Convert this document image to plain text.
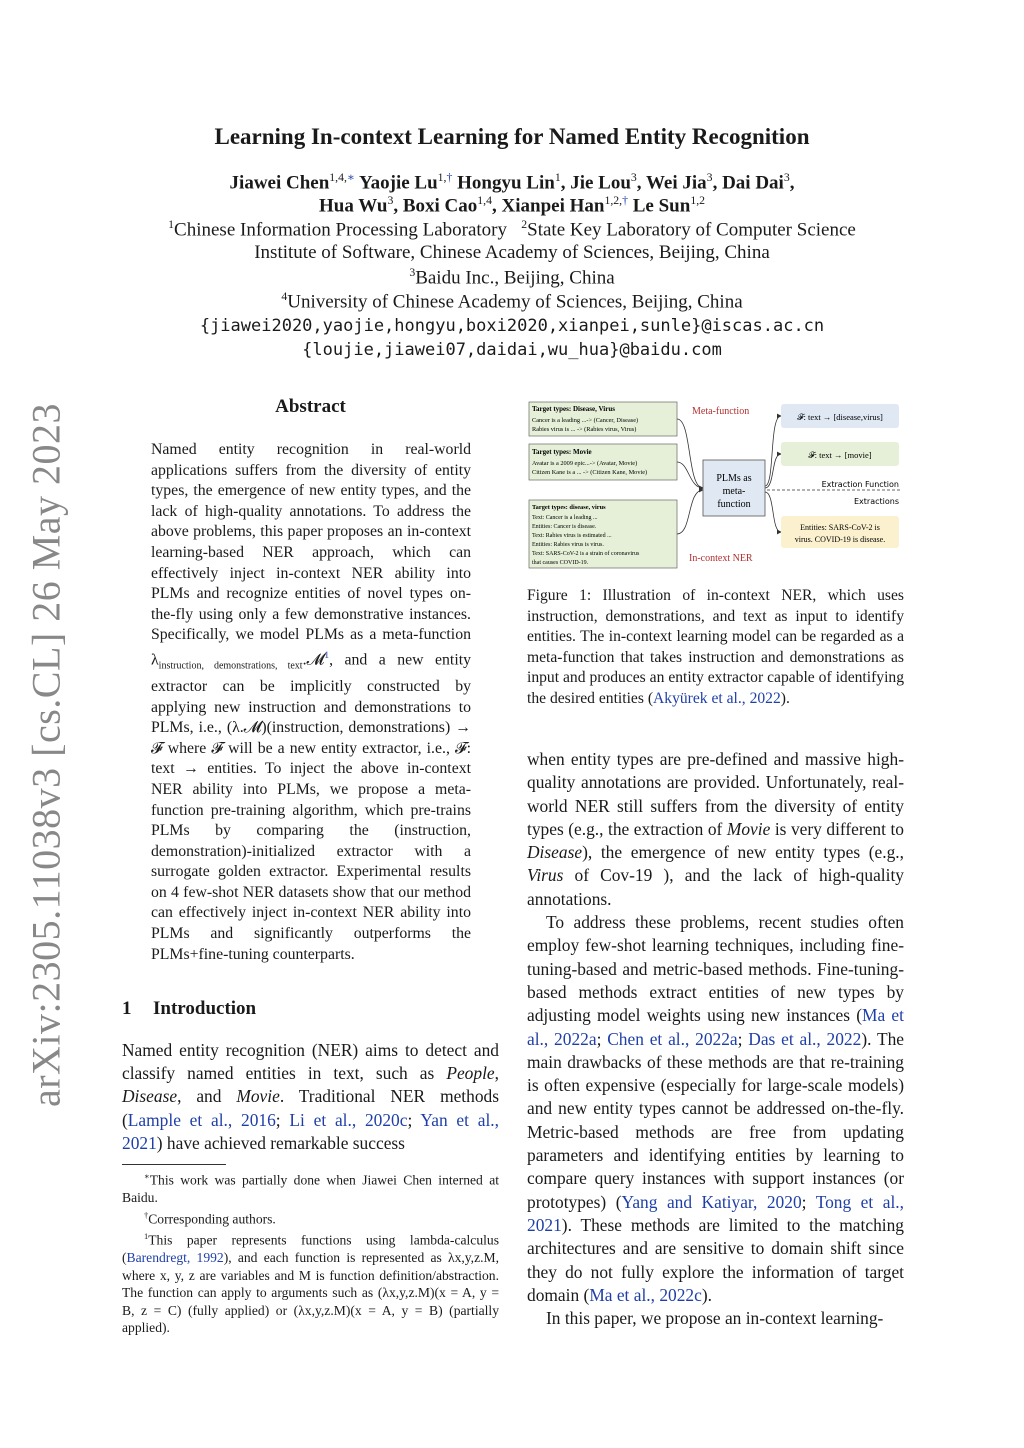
arXiv:2305.11038v3 [cs.CL] 26 May 2023
Learning In-context Learning for Named Entity Recognition
Jiawei Chen$^{1,4,∗}$ Yaojie $Lu^{1,\dagger}$ Hongyu Lin$^1$, Jie Lou$^3$, Wei Jia$^3$, Dai Dai$^3$,
Hua Wu$^3$, Boxi Cao$^{1,4}$, Xianpei Han$^{1,2,\dagger}$ Le Sun$^{1,2}$
$^1$Chinese Information Processing Laboratory $^2$State Key Laboratory of Computer Science
Institute of Software, Chinese Academy of Sciences, Beijing, China
$^3$Baidu Inc., Beijing, China
$^4$University of Chinese Academy of Sciences, Beijing, China
{jiawei2020,yaojie,hongyu,boxi2020,xianpei,sunle}@iscas.ac.cn
{loujie,jiawei07,daidai,wu_hua}@baidu.com
Abstract
Named entity recognition in real-world applications suffers from the diversity of entity types, the emergence of new entity types, and the lack of high-quality annotations. To address the above problems, this paper proposes an in-context learning-based NER approach, which can effectively inject in-context NER ability into PLMs and recognize entities of novel types on-the-fly using only a few demonstrative instances. Specifically, we model PLMs as a meta-function $\lambda_{instruction, demonstrations, text}.𝓜^1$, and a new entity extractor can be implicitly constructed by applying new instruction and demonstrations to PLMs, i.e., (λ.𝓜)(instruction, demonstrations) → 𝓕 where 𝓕 will be a new entity extractor, i.e., 𝓕: text → entities. To inject the above in-context NER ability into PLMs, we propose a meta-function pre-training algorithm, which pre-trains PLMs by comparing the (instruction, demonstration)-initialized extractor with a surrogate golden extractor. Experimental results on 4 few-shot NER datasets show that our method can effectively inject in-context NER ability into PLMs and significantly outperforms the PLMs+fine-tuning counterparts.
1 Introduction
Named entity recognition (NER) aims to detect and classify named entities in text, such as People, Disease, and Movie. Traditional NER methods (Lample et al., 2016; Li et al., 2020c; Yan et al., 2021) have achieved remarkable success

∗This work was partially done when Jiawei Chen interned at Baidu.

†Corresponding authors.

$^1$This paper represents functions using lambda-calculus (Barendregt, 1992), and each function is represented as λx,y,z.M, where x, y, z are variables and M is function definition/abstraction. The function can apply to arguments such as (λx,y,z.M)(x = A, y = B, z = C) (fully applied) or (λx,y,z.M)(x = A, y = B) (partially applied).

Target types: Disease, Virus
Cancer is a leading ...-> (Cancer, Disease)
Rabies virus is ... -> (Rabies virus, Virus)
Target types: Movie
Avatar is a 2009 epic...-> (Avatar, Movie)
Citizen Kane is a ... -> (Citizen Kane, Movie)
Target types: disease, virus
Text: Cancer is a leading ...
Entities: Cancer is disease.
Text: Rabies virus is estimated ...
Entities: Rabies virus is virus.
Text: SARS-CoV-2 is a strain of coronavirus
that causes COVID-19.
Meta-function
In-context NER
PLMs as
meta-
function
𝓕: text → [disease,virus]
𝓕: text → [movie]
Extraction Function
Extractions
Entities: SARS-CoV-2 is
virus. COVID-19 is disease.
Figure 1: Illustration of in-context NER, which uses instruction, demonstrations, and text as input to identify entities. The in-context learning model can be regarded as a meta-function that takes instruction and demonstrations as input and produces an entity extractor capable of identifying the desired entities (Akyürek et al., 2022).

when entity types are pre-defined and massive high-quality annotations are provided. Unfortunately, real-world NER still suffers from the diversity of entity types (e.g., the extraction of Movie is very different to Disease), the emergence of new entity types (e.g., Virus of Cov-19 ), and the lack of high-quality annotations.

To address these problems, recent studies often employ few-shot learning techniques, including fine-tuning-based and metric-based methods. Fine-tuning-based methods extract entities of new types by adjusting model weights using new instances (Ma et al., 2022a; Chen et al., 2022a; Das et al., 2022). The main drawbacks of these methods are that re-training is often expensive (especially for large-scale models) and new entity types cannot be addressed on-the-fly. Metric-based methods are free from updating parameters and identifying entities by learning to compare query instances with support instances (or prototypes) (Yang and Katiyar, 2020; Tong et al., 2021). These methods are limited to the matching architectures and are sensitive to domain shift since they do not fully explore the information of target domain (Ma et al., 2022c).

In this paper, we propose an in-context learning-
